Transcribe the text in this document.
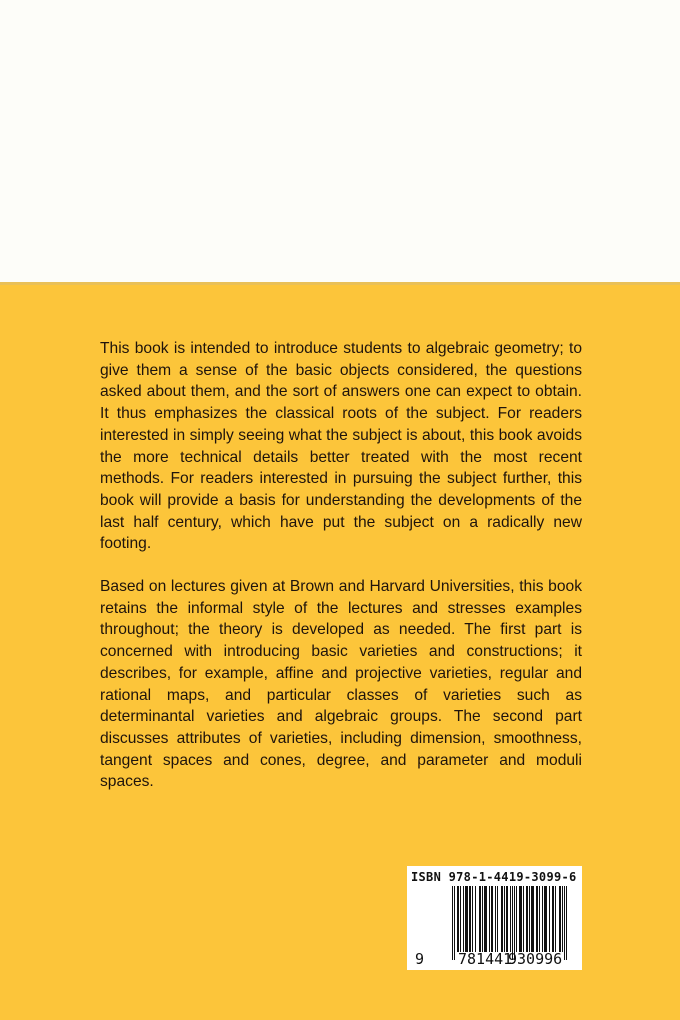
This book is intended to introduce students to algebraic geometry; to give them a sense of the basic objects considered, the questions asked about them, and the sort of answers one can expect to obtain. It thus emphasizes the classical roots of the subject. For readers interested in simply seeing what the subject is about, this book avoids the more technical details better treated with the most recent methods. For readers interested in pursuing the subject further, this book will provide a basis for understanding the developments of the last half century, which have put the subject on a radically new footing.

Based on lectures given at Brown and Harvard Universities, this book retains the informal style of the lectures and stresses examples throughout; the theory is developed as needed. The first part is concerned with introducing basic varieties and constructions; it describes, for example, affine and projective varieties, regular and rational maps, and particular classes of varieties such as determinantal varieties and algebraic groups. The second part discusses attributes of varieties, including dimension, smoothness, tangent spaces and cones, degree, and parameter and moduli spaces.

ISBN 978-1-4419-3099-6
9 781441
930996
